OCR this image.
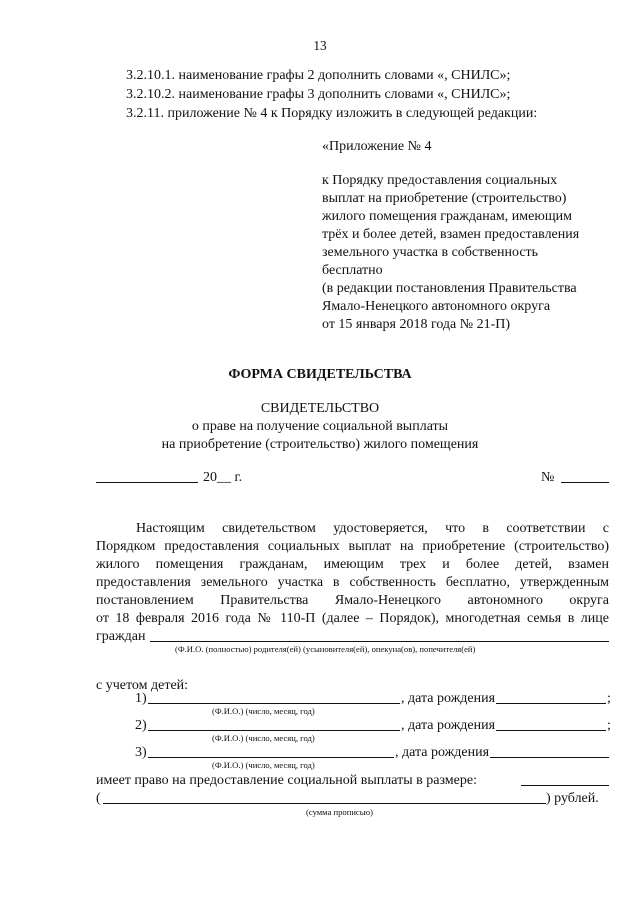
13
3.2.10.1. наименование графы 2 дополнить словами «, СНИЛС»;
3.2.10.2. наименование графы 3 дополнить словами «, СНИЛС»;
3.2.11. приложение № 4 к Порядку изложить в следующей редакции:
«Приложение № 4
к Порядку предоставления социальных
выплат на приобретение (строительство)
жилого помещения гражданам, имеющим
трёх и более детей, взамен предоставления
земельного участка в собственность
бесплатно
(в редакции постановления Правительства
Ямало-Ненецкого автономного округа
от 15 января 2018 года № 21-П)
ФОРМА СВИДЕТЕЛЬСТВА
СВИДЕТЕЛЬСТВО
о праве на получение социальной выплаты
на приобретение (строительство) жилого помещения
20__ г.	№
Настоящим свидетельством удостоверяется, что в соответствии с
Порядком предоставления социальных выплат на приобретение (строительство)
жилого помещения гражданам, имеющим трех и более детей, взамен
предоставления земельного участка в собственность бесплатно, утвержденным
постановлением Правительства Ямало-Ненецкого автономного округа
от 18 февраля 2016 года № 110-П (далее – Порядок), многодетная семья в лице
граждан
(Ф.И.О. (полностью) родителя(ей) (усыновителя(ей), опекуна(ов), попечителя(ей)
с учетом детей:
1)	, дата рождения	;
(Ф.И.О.) (число, месяц, год)
2)	, дата рождения	;
(Ф.И.О.) (число, месяц, год)
3)	, дата рождения
(Ф.И.О.) (число, месяц, год)
имеет право на предоставление социальной выплаты в размере:
(	) рублей.
(сумма прописью)
